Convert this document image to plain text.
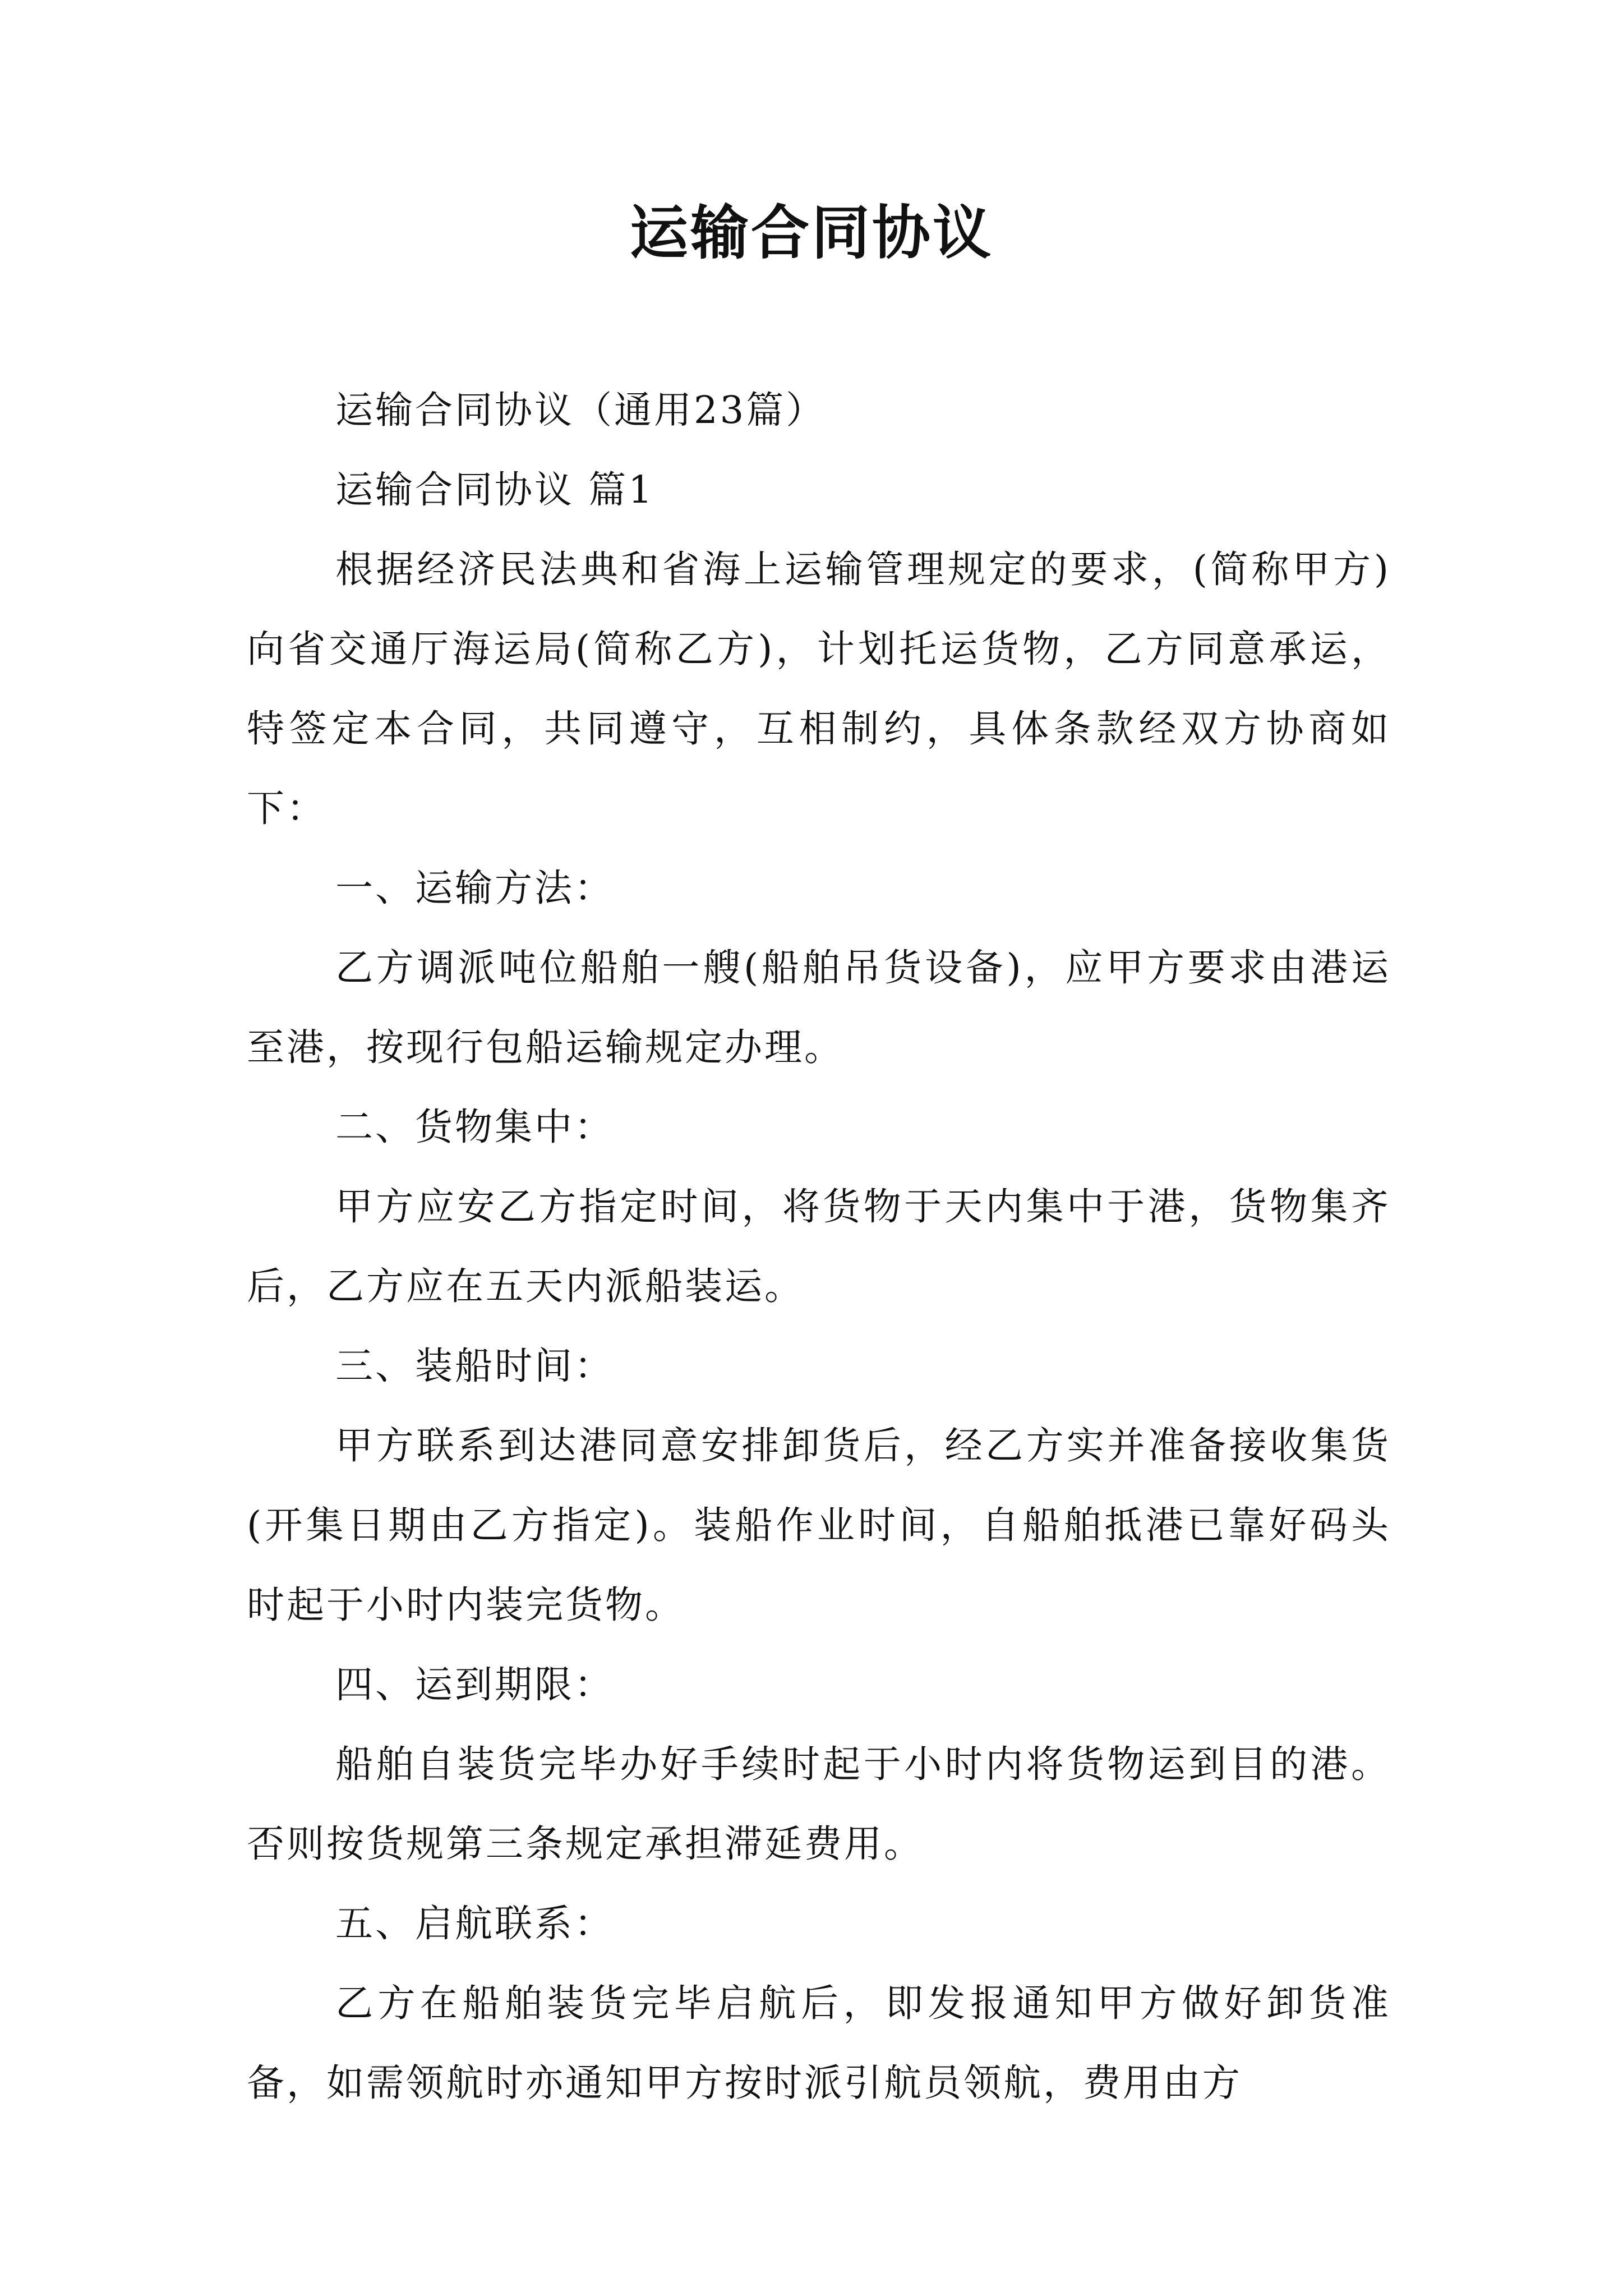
运输合同协议

运输合同协议（通用23篇）

运输合同协议 篇1

根据经济民法典和省海上运输管理规定的要求，(简称甲方)向省交通厅海运局(简称乙方)，计划托运货物，乙方同意承运，特签定本合同，共同遵守，互相制约，具体条款经双方协商如下：

一、运输方法：

乙方调派吨位船舶一艘(船舶吊货设备)，应甲方要求由港运至港，按现行包船运输规定办理。

二、货物集中：

甲方应安乙方指定时间，将货物于天内集中于港，货物集齐后，乙方应在五天内派船装运。

三、装船时间：

甲方联系到达港同意安排卸货后，经乙方实并准备接收集货(开集日期由乙方指定)。装船作业时间，自船舶抵港已靠好码头时起于小时内装完货物。

四、运到期限：

船舶自装货完毕办好手续时起于小时内将货物运到目的港。否则按货规第三条规定承担滞延费用。

五、启航联系：

乙方在船舶装货完毕启航后，即发报通知甲方做好卸货准备，如需领航时亦通知甲方按时派引航员领航，费用由方
